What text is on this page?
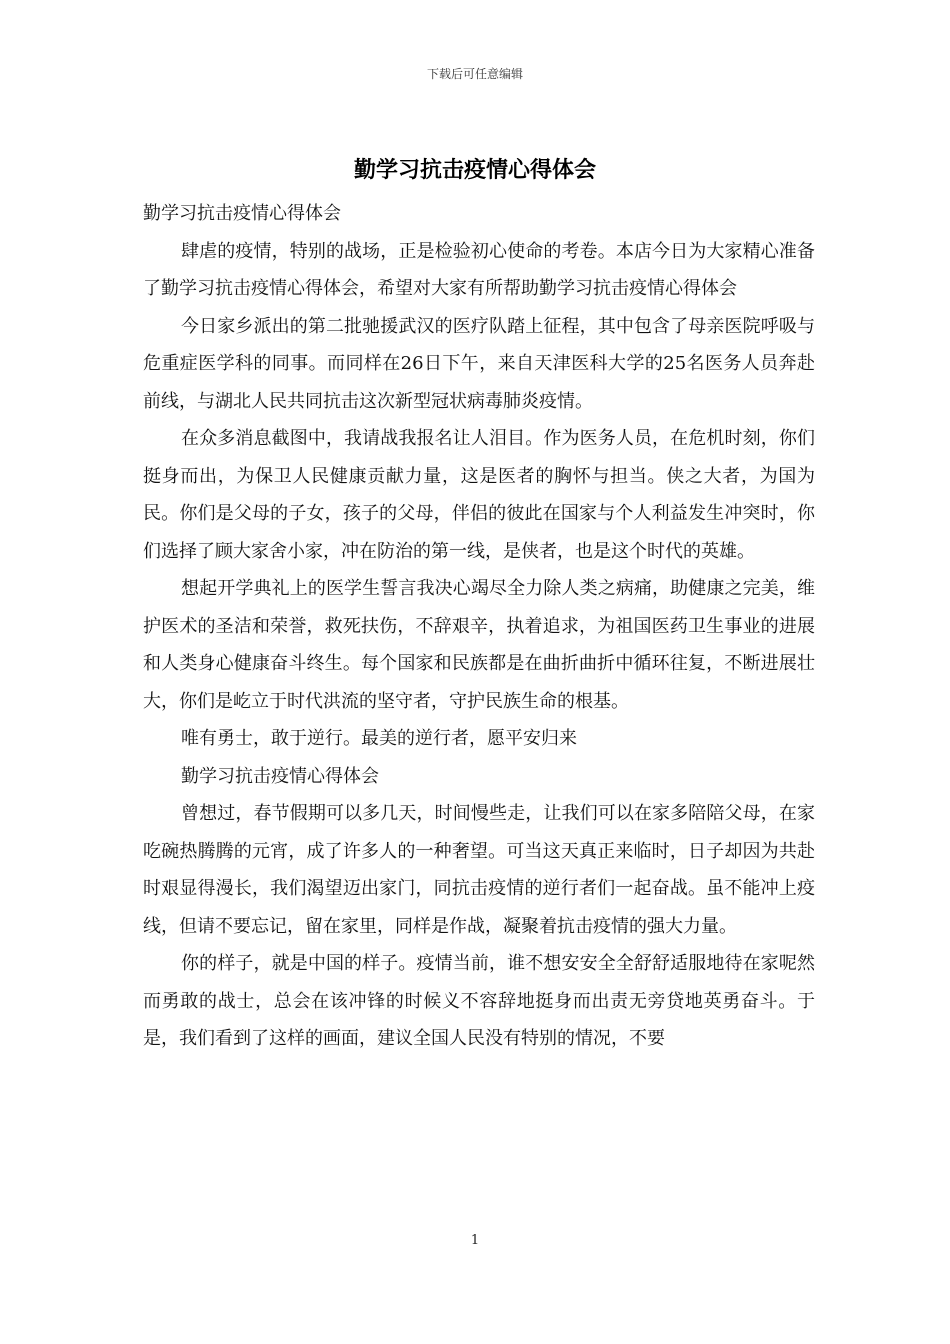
下载后可任意编辑
勤学习抗击疫情心得体会

勤学习抗击疫情心得体会

肆虐的疫情，特别的战场，正是检验初心使命的考卷。本店今日为大家精心准备了勤学习抗击疫情心得体会，希望对大家有所帮助勤学习抗击疫情心得体会

今日家乡派出的第二批驰援武汉的医疗队踏上征程，其中包含了母亲医院呼吸与危重症医学科的同事。而同样在26日下午，来自天津医科大学的25名医务人员奔赴前线，与湖北人民共同抗击这次新型冠状病毒肺炎疫情。

在众多消息截图中，我请战我报名让人泪目。作为医务人员，在危机时刻，你们挺身而出，为保卫人民健康贡献力量，这是医者的胸怀与担当。侠之大者，为国为民。你们是父母的子女，孩子的父母，伴侣的彼此在国家与个人利益发生冲突时，你们选择了顾大家舍小家，冲在防治的第一线，是侠者，也是这个时代的英雄。

想起开学典礼上的医学生誓言我决心竭尽全力除人类之病痛，助健康之完美，维护医术的圣洁和荣誉，救死扶伤，不辞艰辛，执着追求，为祖国医药卫生事业的进展和人类身心健康奋斗终生。每个国家和民族都是在曲折曲折中循环往复，不断进展壮大，你们是屹立于时代洪流的坚守者，守护民族生命的根基。

唯有勇士，敢于逆行。最美的逆行者，愿平安归来

勤学习抗击疫情心得体会

曾想过，春节假期可以多几天，时间慢些走，让我们可以在家多陪陪父母，在家吃碗热腾腾的元宵，成了许多人的一种奢望。可当这天真正来临时，日子却因为共赴时艰显得漫长，我们渴望迈出家门，同抗击疫情的逆行者们一起奋战。虽不能冲上疫线，但请不要忘记，留在家里，同样是作战，凝聚着抗击疫情的强大力量。

你的样子，就是中国的样子。疫情当前，谁不想安安全全舒舒适服地待在家呢然而勇敢的战士，总会在该冲锋的时候义不容辞地挺身而出责无旁贷地英勇奋斗。于是，我们看到了这样的画面，建议全国人民没有特别的情况，不要

1
